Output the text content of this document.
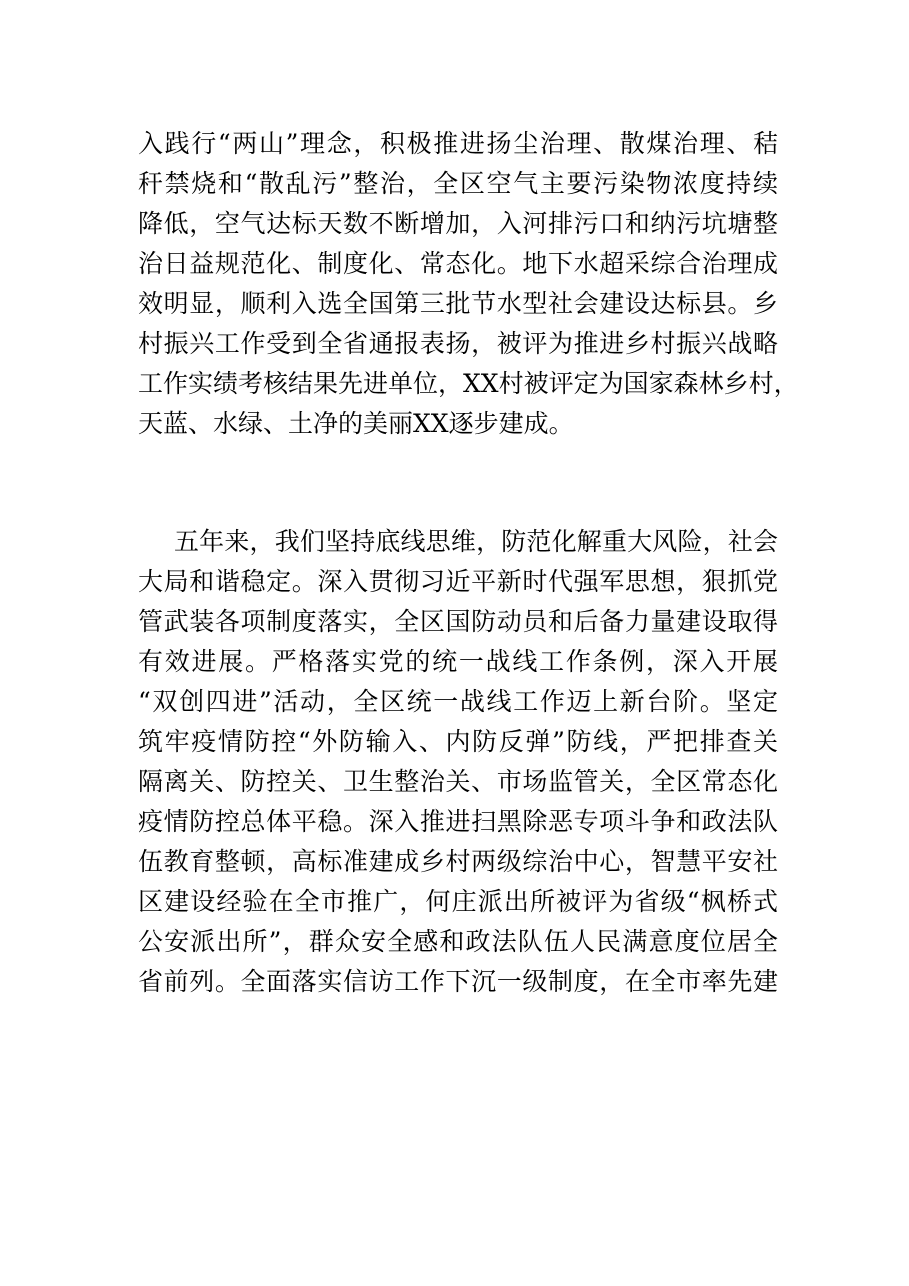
入践行“两山”理念，积极推进扬尘治理、散煤治理、秸
秆禁烧和“散乱污”整治，全区空气主要污染物浓度持续
降低，空气达标天数不断增加，入河排污口和纳污坑塘整
治日益规范化、制度化、常态化。地下水超采综合治理成
效明显，顺利入选全国第三批节水型社会建设达标县。乡
村振兴工作受到全省通报表扬，被评为推进乡村振兴战略
工作实绩考核结果先进单位，XX村被评定为国家森林乡村，
天蓝、水绿、土净的美丽XX逐步建成。
五年来，我们坚持底线思维，防范化解重大风险，社会
大局和谐稳定。深入贯彻习近平新时代强军思想，狠抓党
管武装各项制度落实，全区国防动员和后备力量建设取得
有效进展。严格落实党的统一战线工作条例，深入开展
“双创四进”活动，全区统一战线工作迈上新台阶。坚定
筑牢疫情防控“外防输入、内防反弹”防线，严把排查关
隔离关、防控关、卫生整治关、市场监管关，全区常态化
疫情防控总体平稳。深入推进扫黑除恶专项斗争和政法队
伍教育整顿，高标准建成乡村两级综治中心，智慧平安社
区建设经验在全市推广，何庄派出所被评为省级“枫桥式
公安派出所”，群众安全感和政法队伍人民满意度位居全
省前列。全面落实信访工作下沉一级制度，在全市率先建
